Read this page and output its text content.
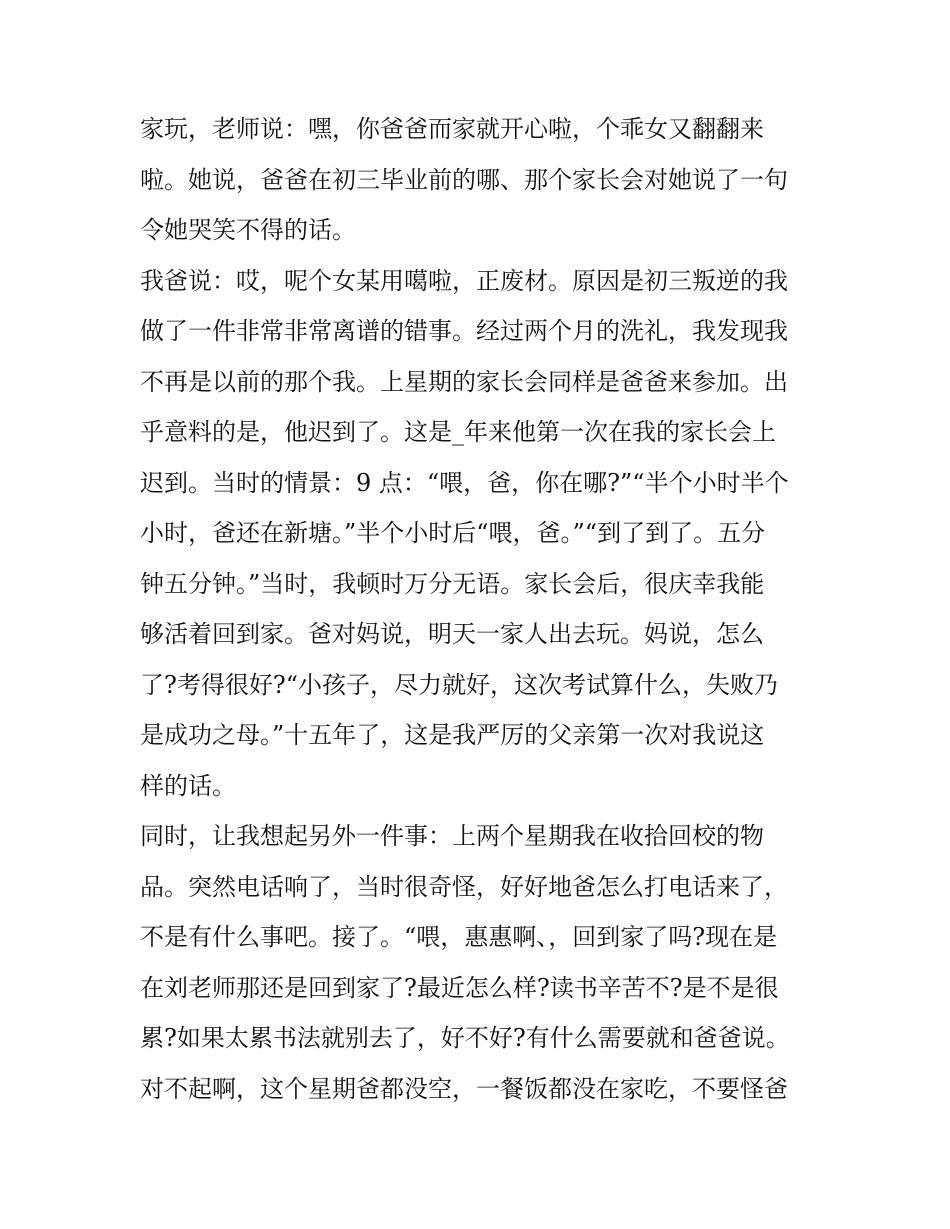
家玩，老师说：嘿，你爸爸而家就开心啦，个乖女又翻翻来
啦。她说，爸爸在初三毕业前的哪、那个家长会对她说了一句
令她哭笑不得的话。
我爸说：哎，呢个女某用噶啦，正废材。原因是初三叛逆的我
做了一件非常非常离谱的错事。经过两个月的洗礼，我发现我
不再是以前的那个我。上星期的家长会同样是爸爸来参加。出
乎意料的是，他迟到了。这是_年来他第一次在我的家长会上
迟到。当时的情景：9 点：“喂，爸，你在哪?”“半个小时半个
小时，爸还在新塘。”半个小时后“喂，爸。”“到了到了。五分
钟五分钟。”当时，我顿时万分无语。家长会后，很庆幸我能
够活着回到家。爸对妈说，明天一家人出去玩。妈说，怎么
了?考得很好?“小孩子，尽力就好，这次考试算什么，失败乃
是成功之母。”十五年了，这是我严厉的父亲第一次对我说这
样的话。
同时，让我想起另外一件事：上两个星期我在收拾回校的物
品。突然电话响了，当时很奇怪，好好地爸怎么打电话来了，
不是有什么事吧。接了。“喂，惠惠啊、，回到家了吗?现在是
在刘老师那还是回到家了?最近怎么样?读书辛苦不?是不是很
累?如果太累书法就别去了，好不好?有什么需要就和爸爸说。
对不起啊，这个星期爸都没空，一餐饭都没在家吃，不要怪爸
